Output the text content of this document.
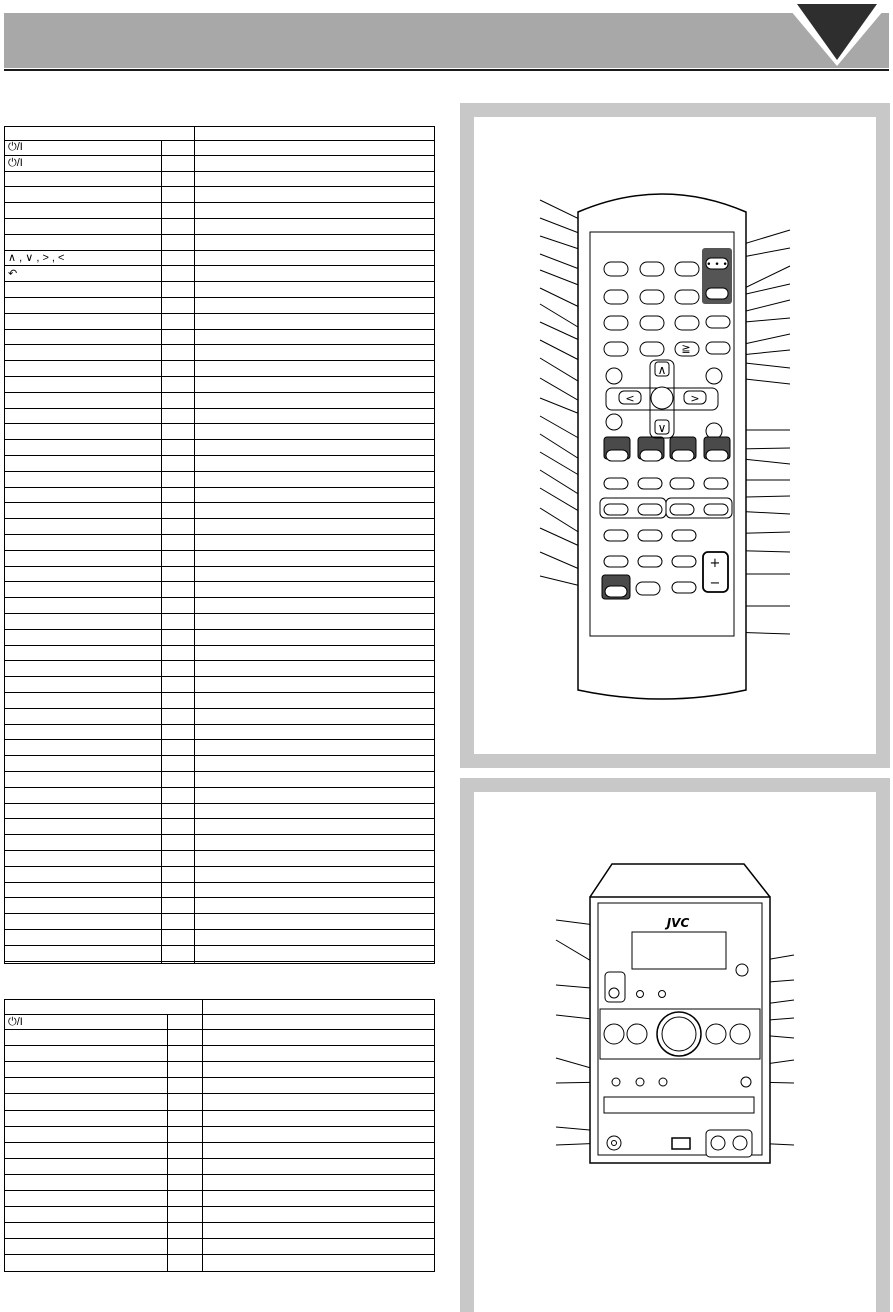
⏻/I
⏻/I
∧ , ∨ , > , <
↶
⏻/I
• • •
∧
∨
<	>
≧
+
−
JVC
